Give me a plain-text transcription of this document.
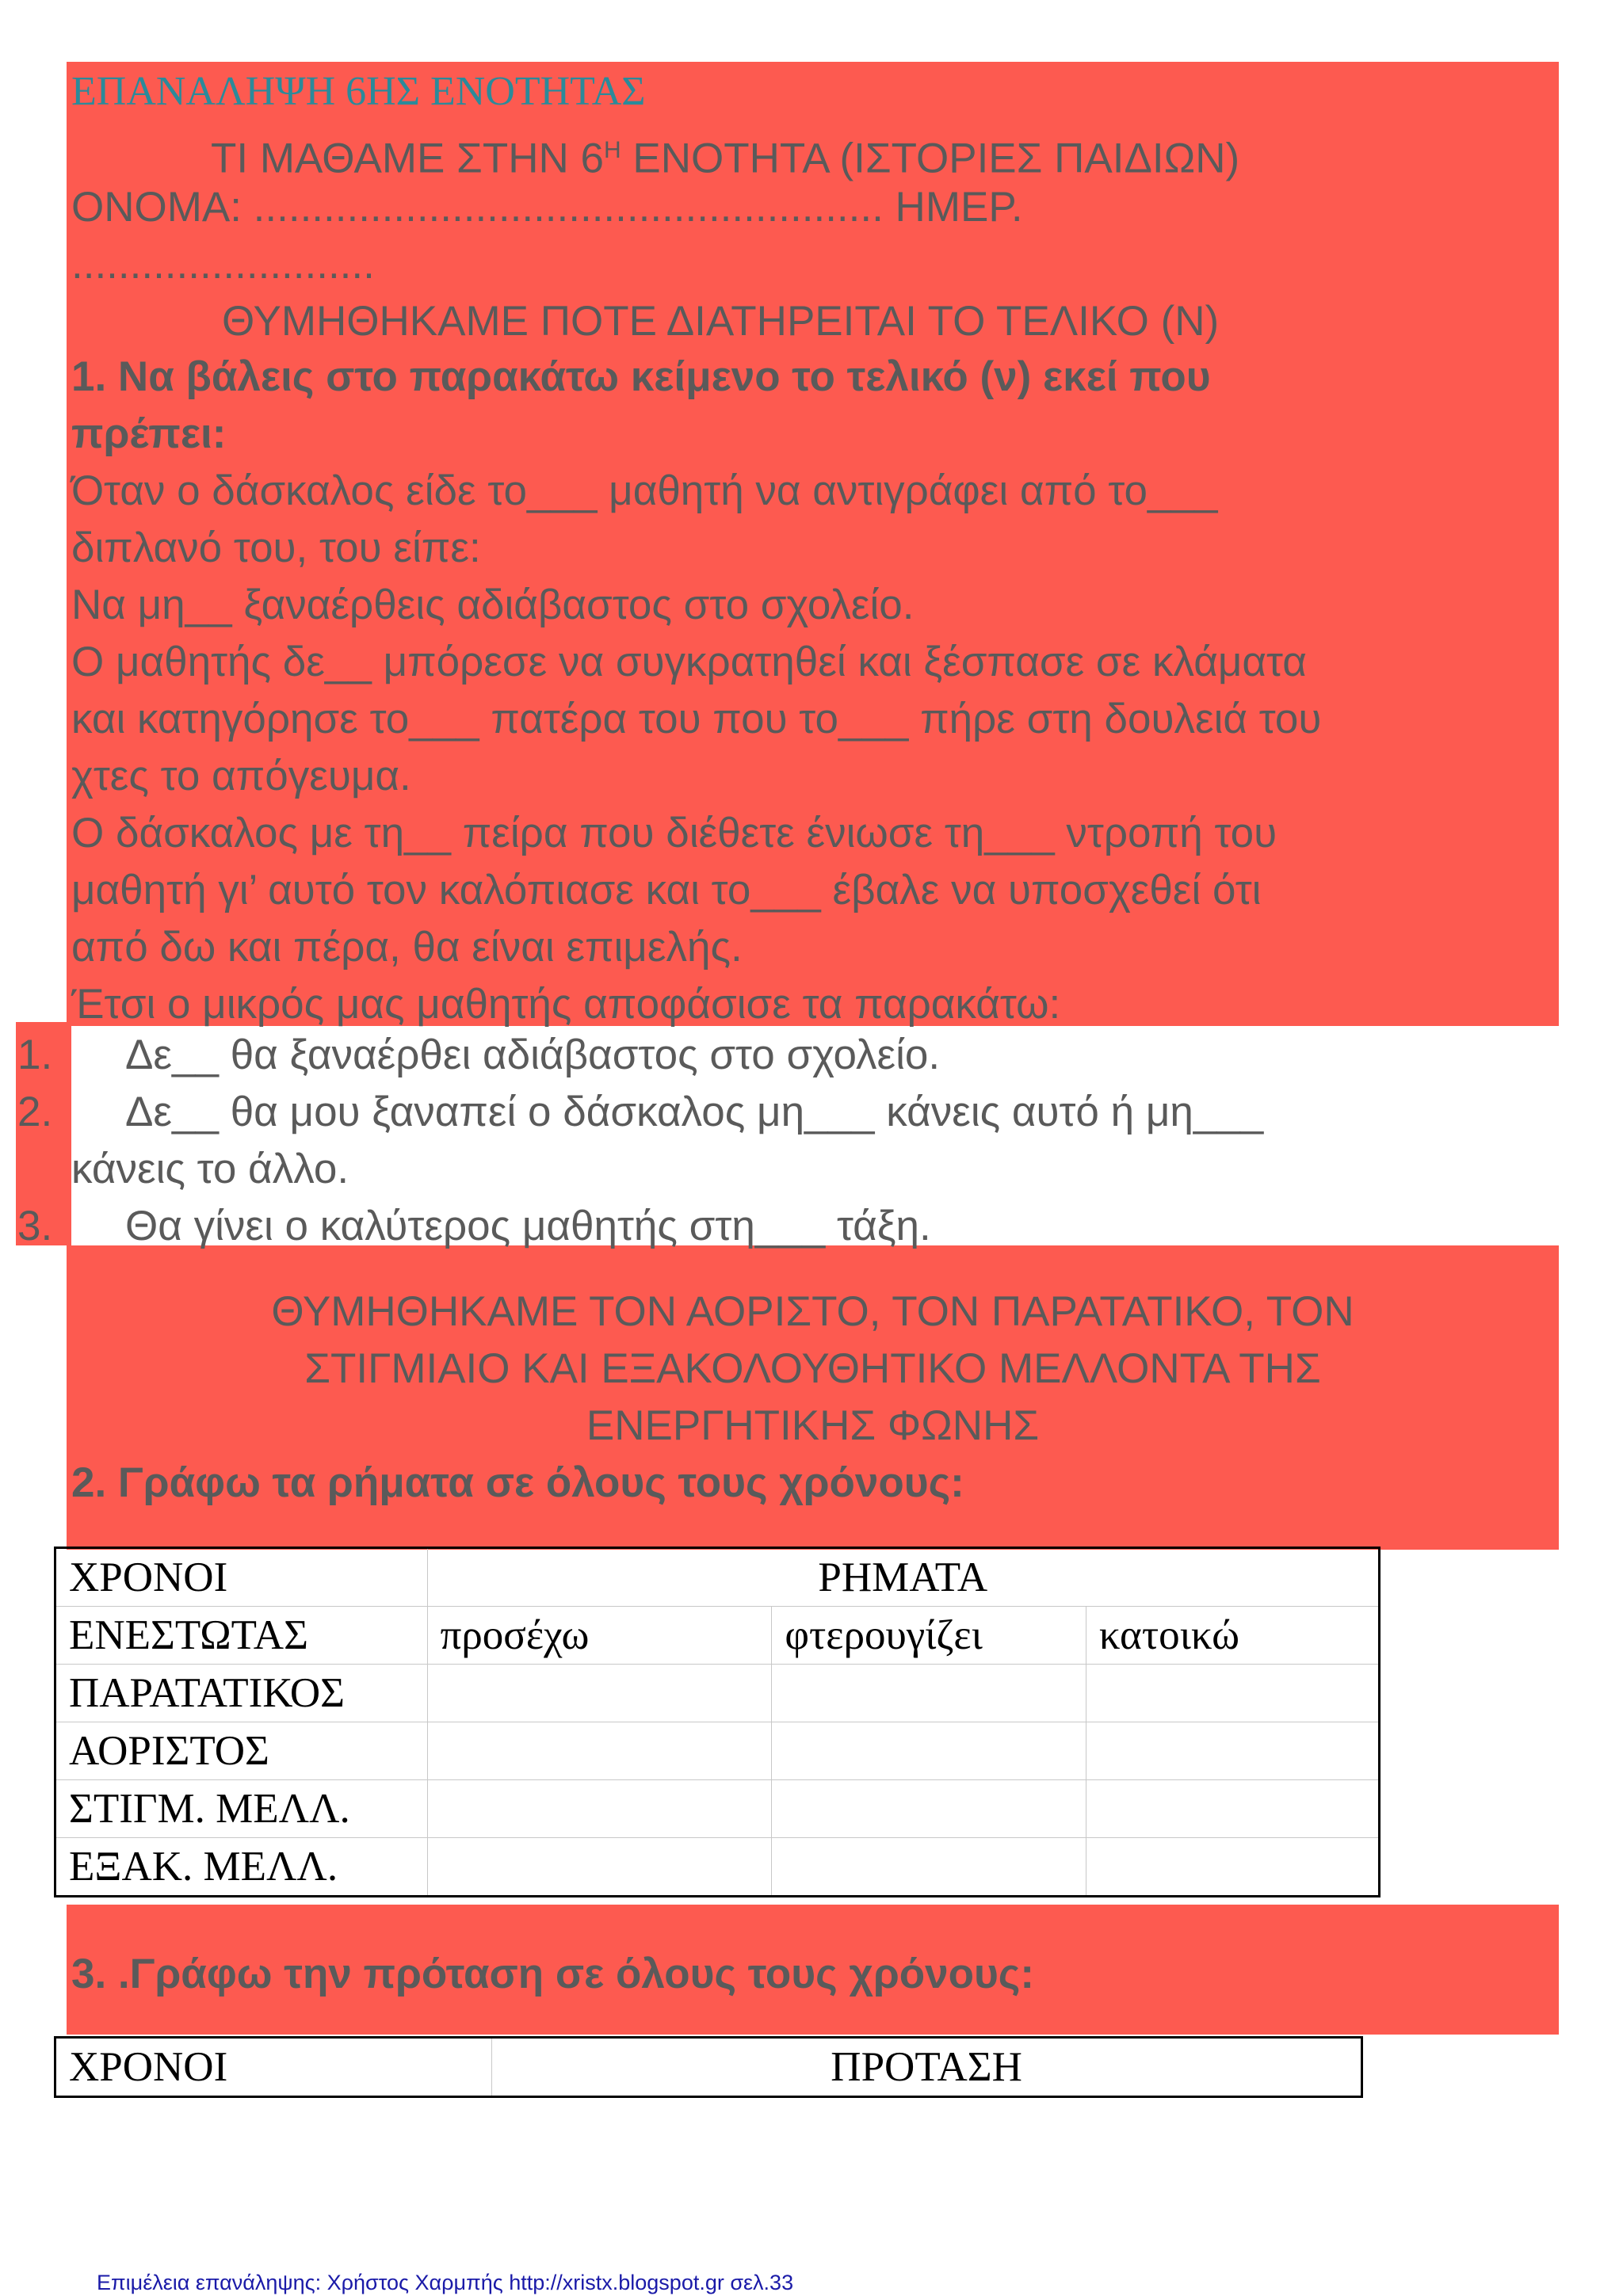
ΕΠΑΝΑΛΗΨΗ 6ΗΣ ΕΝΟΤΗΤΑΣ
ΤΙ ΜΑΘΑΜΕ ΣΤΗΝ $6^H$ ΕΝΟΤΗΤΑ (ΙΣΤΟΡΙΕΣ ΠΑΙΔΙΩΝ)
ΟΝΟΜΑ: ...................................................... ΗΜΕΡ.
..........................
ΘΥΜΗΘΗΚΑΜΕ ΠΟΤΕ ΔΙΑΤΗΡΕΙΤΑΙ ΤΟ ΤΕΛΙΚΟ (Ν)
1. Να βάλεις στο παρακάτω κείμενο το τελικό (ν) εκεί που
πρέπει:
Όταν ο δάσκαλος είδε το___ μαθητή να αντιγράφει από το___
διπλανό του, του είπε:
Να μη__ ξαναέρθεις αδιάβαστος στο σχολείο.
Ο μαθητής δε__ μπόρεσε να συγκρατηθεί και ξέσπασε σε κλάματα
και κατηγόρησε το___ πατέρα του που το___ πήρε στη δουλειά του
χτες το απόγευμα.
Ο δάσκαλος με τη__ πείρα που διέθετε ένιωσε τη___ ντροπή του
μαθητή γι’ αυτό τον καλόπιασε και το___ έβαλε να υποσχεθεί ότι
από δω και πέρα, θα είναι επιμελής.
Έτσι ο μικρός μας μαθητής αποφάσισε τα παρακάτω:
1. Δε__ θα ξαναέρθει αδιάβαστος στο σχολείο.
2. Δε__ θα μου ξαναπεί ο δάσκαλος μη___ κάνεις αυτό ή μη___
κάνεις το άλλο.
3. Θα γίνει ο καλύτερος μαθητής στη___ τάξη.
ΘΥΜΗΘΗΚΑΜΕ ΤΟΝ ΑΟΡΙΣΤΟ, ΤΟΝ ΠΑΡΑΤΑΤΙΚΟ, ΤΟΝ
ΣΤΙΓΜΙΑΙΟ ΚΑΙ ΕΞΑΚΟΛΟΥΘΗΤΙΚΟ ΜΕΛΛΟΝΤΑ ΤΗΣ
ΕΝΕΡΓΗΤΙΚΗΣ ΦΩΝΗΣ
2. Γράφω τα ρήματα σε όλους τους χρόνους:
ΧΡΟΝΟΙ	ΡΗΜΑΤΑ		
ΕΝΕΣΤΩΤΑΣ	προσέχω	φτερουγίζει	κατοικώ
ΠΑΡΑΤΑΤΙΚΟΣ			
ΑΟΡΙΣΤΟΣ			
ΣΤΙΓΜ. ΜΕΛΛ.			
ΕΞΑΚ. ΜΕΛΛ.			
3. .Γράφω την πρόταση σε όλους τους χρόνους:
ΧΡΟΝΟΙ	ΠΡΟΤΑΣΗ
Επιμέλεια επανάληψης: Χρήστος Χαρμπής http://xristx.blogspot.gr σελ.33
